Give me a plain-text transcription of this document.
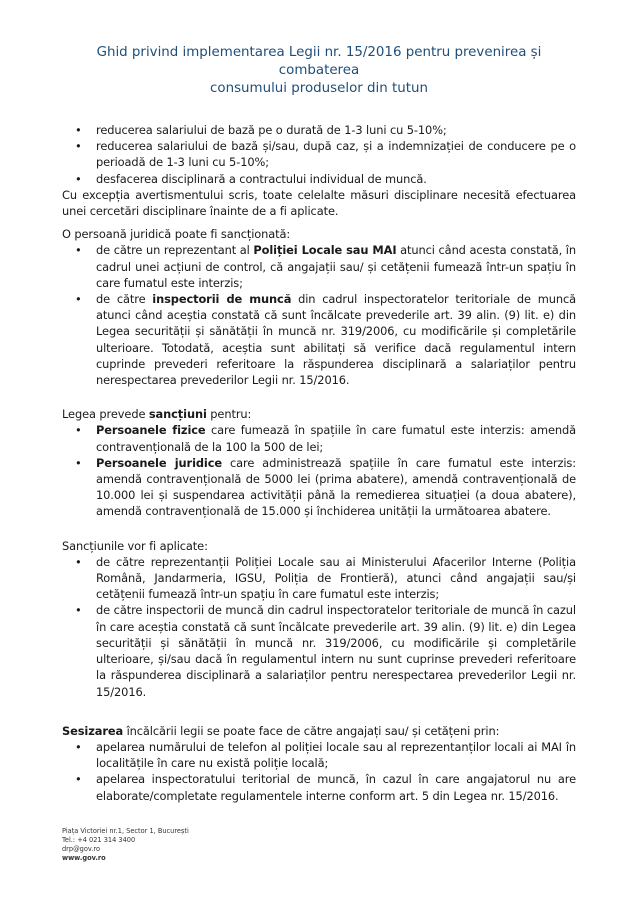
Ghid privind implementarea Legii nr. 15/2016 pentru prevenirea și combaterea
consumului produselor din tutun
• reducerea salariului de bază pe o durată de 1-3 luni cu 5-10%;
• reducerea salariului de bază și/sau, după caz, și a indemnizației de conducere pe o perioadă de 1-3 luni cu 5-10%;
• desfacerea disciplinară a contractului individual de muncă.

Cu excepția avertismentului scris, toate celelalte măsuri disciplinare necesită efectuarea unei cercetări disciplinare înainte de a fi aplicate.

O persoană juridică poate fi sancționată:

• de către un reprezentant al Poliției Locale sau MAI atunci când acesta constată, în cadrul unei acțiuni de control, că angajații sau/ și cetățenii fumează într-un spațiu în care fumatul este interzis;
• de către inspectorii de muncă din cadrul inspectoratelor teritoriale de muncă atunci când aceștia constată că sunt încălcate prevederile art. 39 alin. (9) lit. e) din Legea securității și sănătății în muncă nr. 319/2006, cu modificările și completările ulterioare. Totodată, aceștia sunt abilitați să verifice dacă regulamentul intern cuprinde prevederi referitoare la răspunderea disciplinară a salariaților pentru nerespectarea prevederilor Legii nr. 15/2016.

Legea prevede sancțiuni pentru:

• Persoanele fizice care fumează în spațiile în care fumatul este interzis: amendă contravențională de la 100 la 500 de lei;
• Persoanele juridice care administrează spațiile în care fumatul este interzis: amendă contravențională de 5000 lei (prima abatere), amendă contravențională de 10.000 lei și suspendarea activității până la remedierea situației (a doua abatere), amendă contravențională de 15.000 și închiderea unității la următoarea abatere.

Sancțiunile vor fi aplicate:

• de către reprezentanții Poliției Locale sau ai Ministerului Afacerilor Interne (Poliția Română, Jandarmeria, IGSU, Poliția de Frontieră), atunci când angajații sau/și cetățenii fumează într-un spațiu în care fumatul este interzis;
• de către inspectorii de muncă din cadrul inspectoratelor teritoriale de muncă în cazul în care aceștia constată că sunt încălcate prevederile art. 39 alin. (9) lit. e) din Legea securității și sănătății în muncă nr. 319/2006, cu modificările și completările ulterioare, și/sau dacă în regulamentul intern nu sunt cuprinse prevederi referitoare la răspunderea disciplinară a salariaților pentru nerespectarea prevederilor Legii nr. 15/2016.

Sesizarea încălcării legii se poate face de către angajați sau/ și cetățeni prin:

• apelarea numărului de telefon al poliției locale sau al reprezentanților locali ai MAI în localitățile în care nu există poliție locală;
• apelarea inspectoratului teritorial de muncă, în cazul în care angajatorul nu are elaborate/completate regulamentele interne conform art. 5 din Legea nr. 15/2016.
Piața Victoriei nr.1, Sector 1, București
Tel.: +4 021 314 3400
drp@gov.ro
www.gov.ro
